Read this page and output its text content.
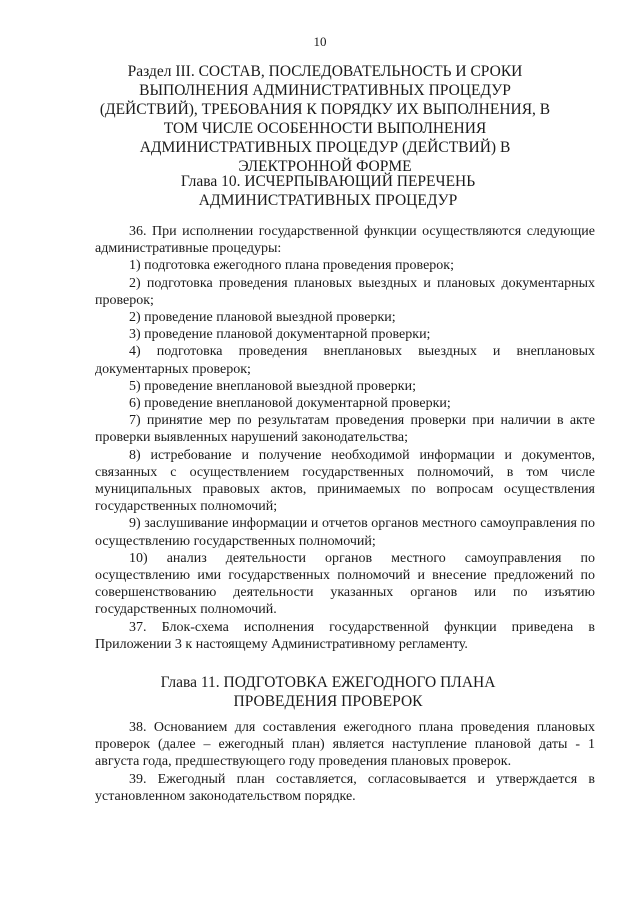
10
Раздел III. СОСТАВ, ПОСЛЕДОВАТЕЛЬНОСТЬ И СРОКИ ВЫПОЛНЕНИЯ АДМИНИСТРАТИВНЫХ ПРОЦЕДУР (ДЕЙСТВИЙ), ТРЕБОВАНИЯ К ПОРЯДКУ ИХ ВЫПОЛНЕНИЯ, В ТОМ ЧИСЛЕ ОСОБЕННОСТИ ВЫПОЛНЕНИЯ АДМИНИСТРАТИВНЫХ ПРОЦЕДУР (ДЕЙСТВИЙ) В ЭЛЕКТРОННОЙ ФОРМЕ
Глава 10. ИСЧЕРПЫВАЮЩИЙ ПЕРЕЧЕНЬ АДМИНИСТРАТИВНЫХ ПРОЦЕДУР

36. При исполнении государственной функции осуществляются следующие административные процедуры:

1) подготовка ежегодного плана проведения проверок;

2) подготовка проведения плановых выездных и плановых документарных проверок;

2) проведение плановой выездной проверки;

3) проведение плановой документарной проверки;

4) подготовка проведения внеплановых выездных и внеплановых документарных проверок;

5) проведение внеплановой выездной проверки;

6) проведение внеплановой документарной проверки;

7) принятие мер по результатам проведения проверки при наличии в акте проверки выявленных нарушений законодательства;

8) истребование и получение необходимой информации и документов, связанных с осуществлением государственных полномочий, в том числе муниципальных правовых актов, принимаемых по вопросам осуществления государственных полномочий;

9) заслушивание информации и отчетов органов местного самоуправления по осуществлению государственных полномочий;

10) анализ деятельности органов местного самоуправления по осуществлению ими государственных полномочий и внесение предложений по совершенствованию деятельности указанных органов или по изъятию государственных полномочий.

37. Блок-схема исполнения государственной функции приведена в Приложении 3 к настоящему Административному регламенту.

Глава 11. ПОДГОТОВКА ЕЖЕГОДНОГО ПЛАНА ПРОВЕДЕНИЯ ПРОВЕРОК

38. Основанием для составления ежегодного плана проведения плановых проверок (далее – ежегодный план) является наступление плановой даты - 1 августа года, предшествующего году проведения плановых проверок.

39. Ежегодный план составляется, согласовывается и утверждается в установленном законодательством порядке.
